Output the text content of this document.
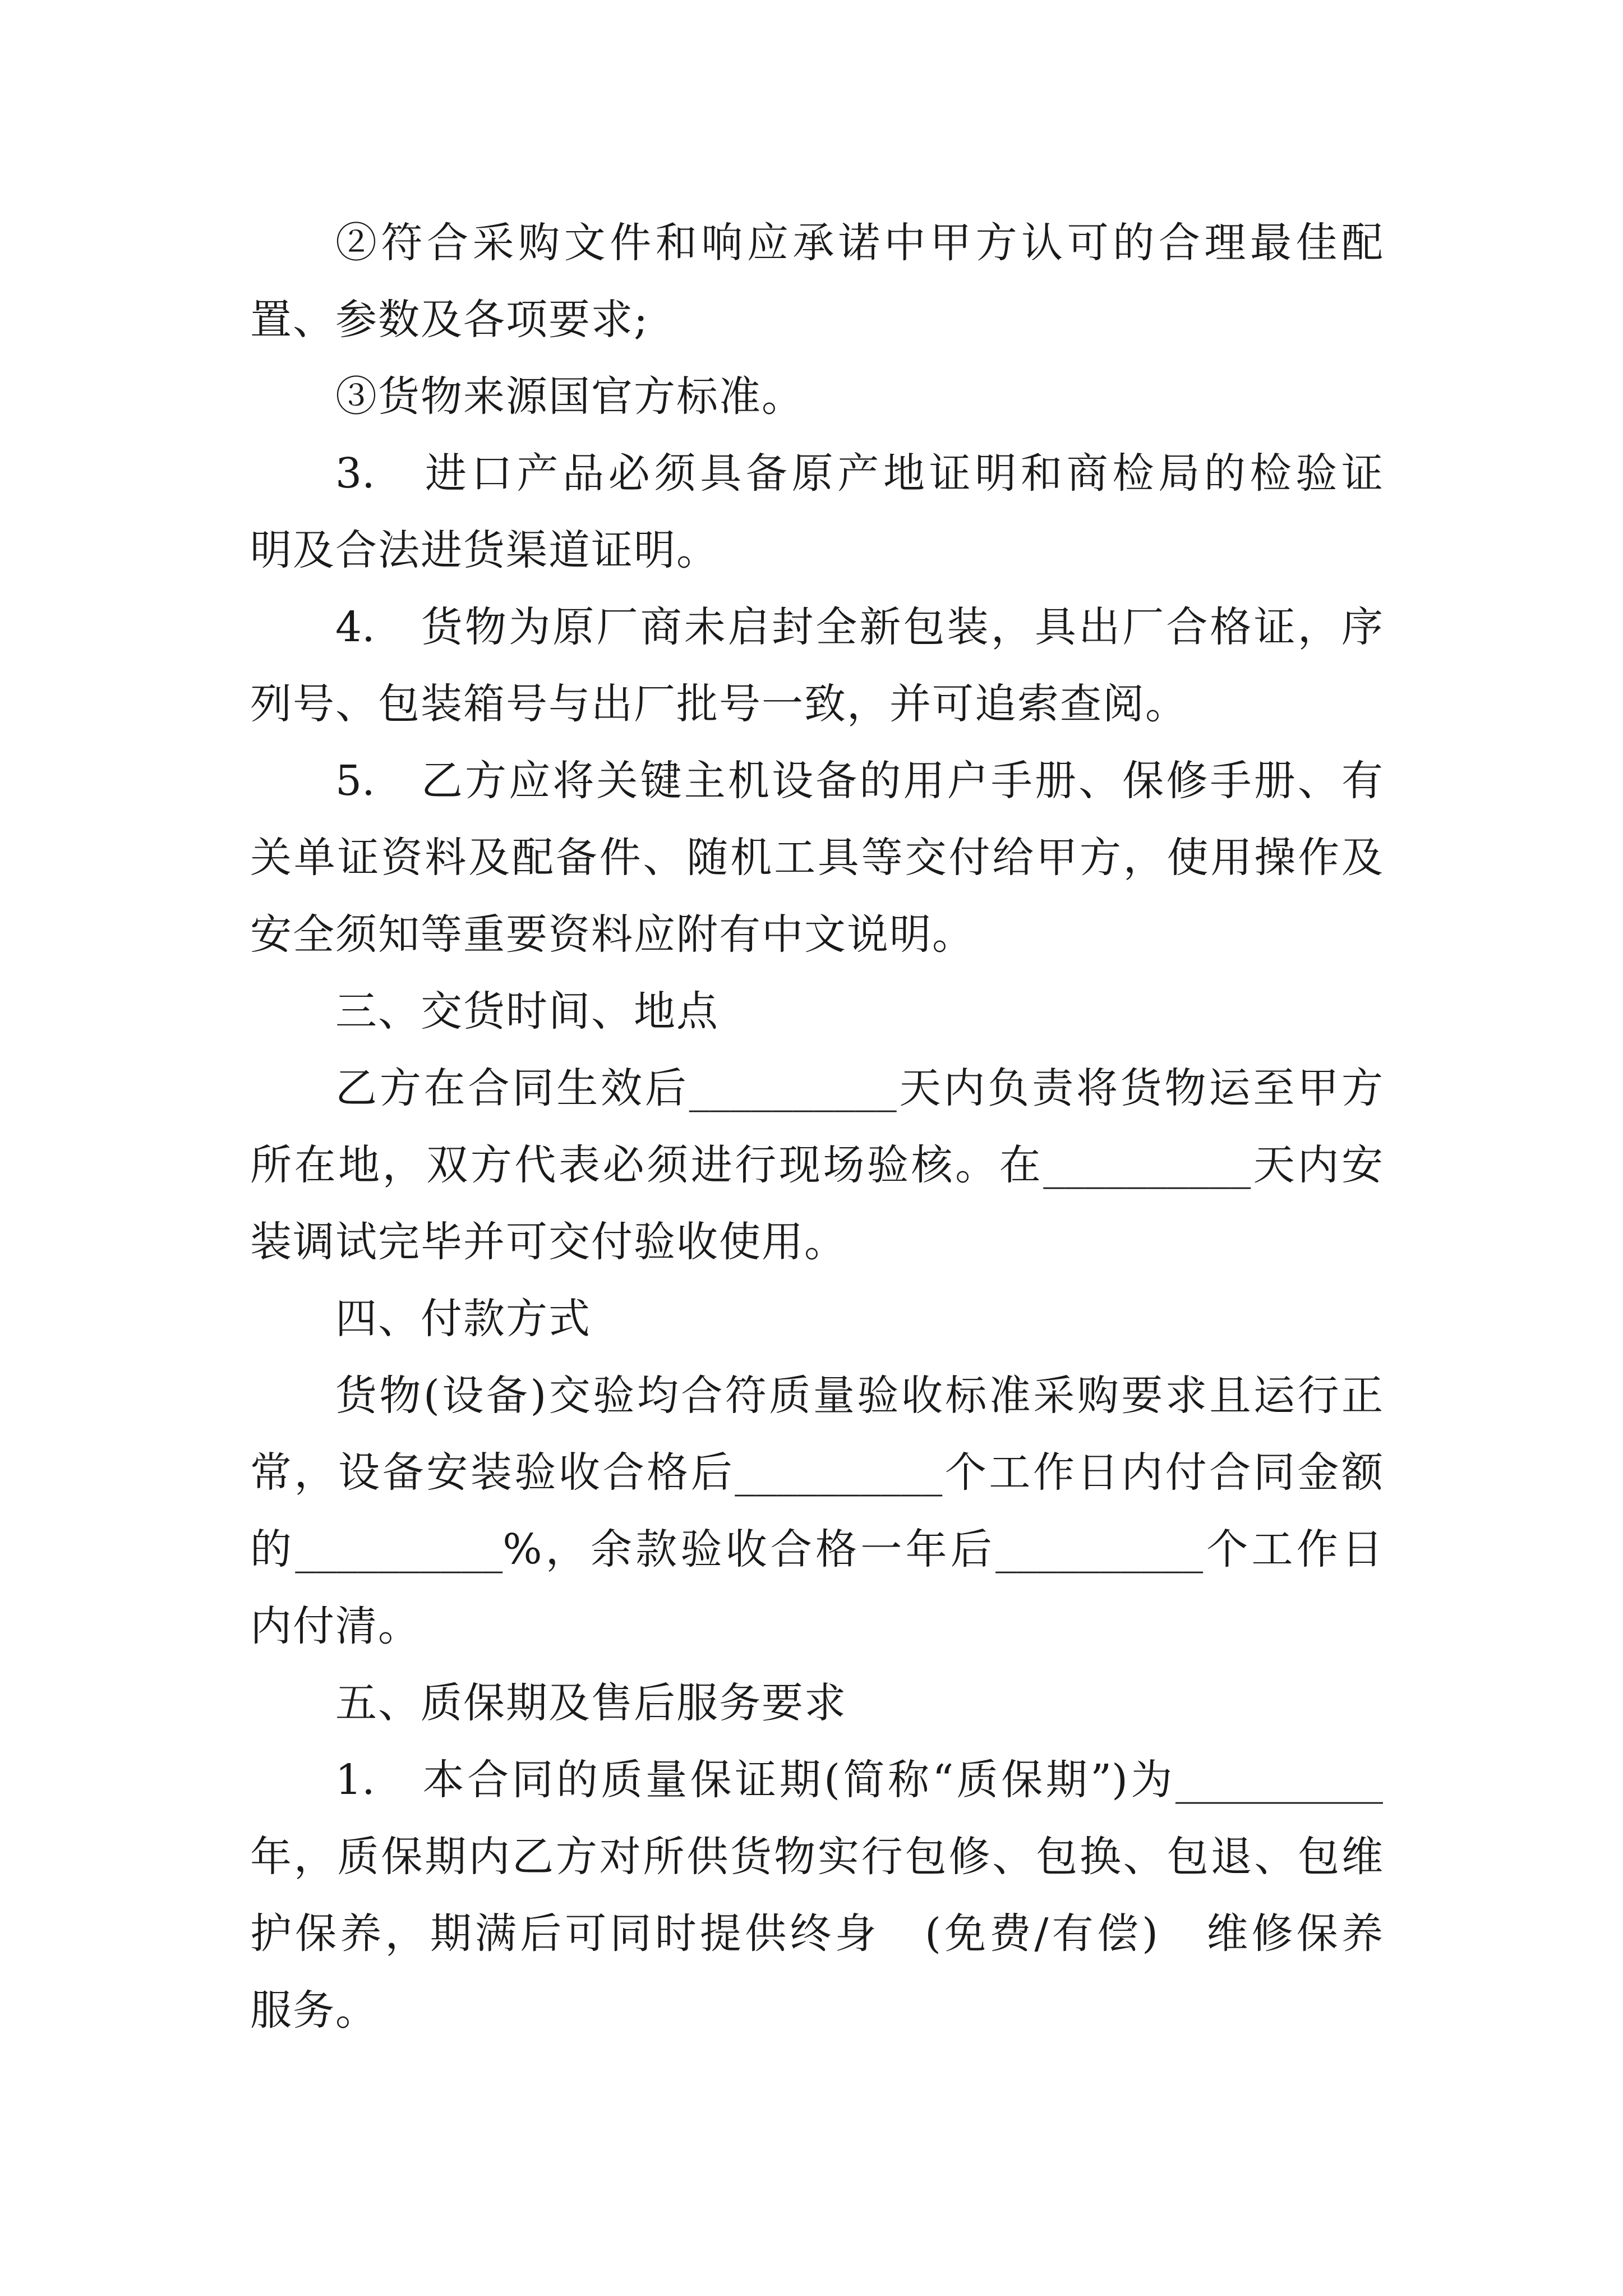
②符合采购文件和响应承诺中甲方认可的合理最佳配
置、参数及各项要求;
③货物来源国官方标准。
3.　进口产品必须具备原产地证明和商检局的检验证
明及合法进货渠道证明。
4.　货物为原厂商未启封全新包装，具出厂合格证，序
列号、包装箱号与出厂批号一致，并可追索查阅。
5.　乙方应将关键主机设备的用户手册、保修手册、有
关单证资料及配备件、随机工具等交付给甲方，使用操作及
安全须知等重要资料应附有中文说明。
三、交货时间、地点
乙方在合同生效后__________天内负责将货物运至甲方
所在地，双方代表必须进行现场验核。在__________天内安
装调试完毕并可交付验收使用。
四、付款方式
货物(设备)交验均合符质量验收标准采购要求且运行正
常，设备安装验收合格后__________个工作日内付合同金额
的__________%，余款验收合格一年后__________个工作日
内付清。
五、质保期及售后服务要求
1.　本合同的质量保证期(简称“质保期”)为__________
年，质保期内乙方对所供货物实行包修、包换、包退、包维
护保养，期满后可同时提供终身　(免费/有偿)　维修保养
服务。
